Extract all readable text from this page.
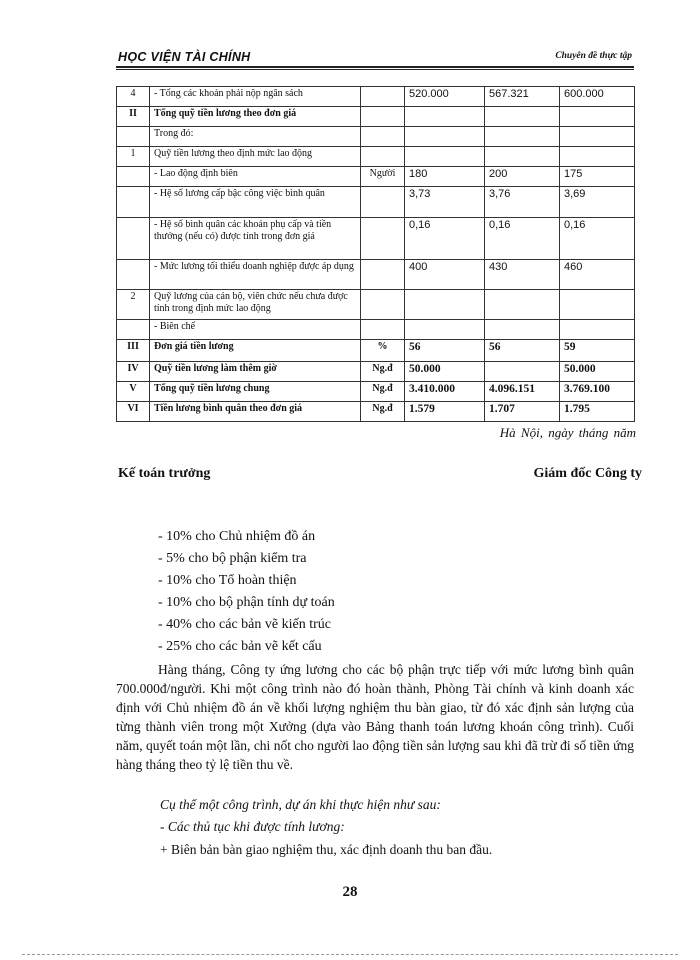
HỌC VIỆN TÀI CHÍNH	Chuyên đề thực tập
4	- Tổng các khoản phải nộp ngân sách		520.000	567.321	600.000
II	Tổng quỹ tiền lương theo đơn giá				
	Trong đó:				
1	Quỹ tiền lương theo định mức lao động				
	- Lao động định biên	Người	180	200	175
	- Hệ số lương cấp bậc công việc bình quân		3,73	3,76	3,69
	- Hệ số bình quân các khoản phụ cấp và tiền thưởng (nếu có) được tính trong đơn giá		0,16	0,16	0,16
	- Mức lương tối thiểu doanh nghiệp được áp dụng		400	430	460
2	Quỹ lương của cán bộ, viên chức nếu chưa được tính trong định mức lao động				
	- Biên chế				
III	Đơn giá tiền lương	%	56	56	59
IV	Quỹ tiền lương làm thêm giờ	Ng.đ	50.000		50.000
V	Tổng quỹ tiền lương chung	Ng.đ	3.410.000	4.096.151	3.769.100
VI	Tiền lương bình quân theo đơn giá	Ng.đ	1.579	1.707	1.795
Hà Nội, ngày tháng năm
Kế toán trưởng	Giám đốc Công ty
- 10% cho Chủ nhiệm đồ án
- 5% cho bộ phận kiểm tra
- 10% cho Tổ hoàn thiện
- 10% cho bộ phận tính dự toán
- 40% cho các bản vẽ kiến trúc
- 25% cho các bản vẽ kết cấu

Hàng tháng, Công ty ứng lương cho các bộ phận trực tiếp với mức lương bình quân 700.000đ/người. Khi một công trình nào đó hoàn thành, Phòng Tài chính và kinh doanh xác định với Chủ nhiệm đồ án về khối lượng nghiệm thu bàn giao, từ đó xác định sản lượng của từng thành viên trong một Xưởng (dựa vào Bảng thanh toán lương khoán công trình). Cuối năm, quyết toán một lần, chi nốt cho người lao động tiền sản lượng sau khi đã trừ đi số tiền ứng hàng tháng theo tỷ lệ tiền thu về.

Cụ thể một công trình, dự án khi thực hiện như sau:
- Các thủ tục khi được tính lương:
+ Biên bản bàn giao nghiệm thu, xác định doanh thu ban đầu.
28
